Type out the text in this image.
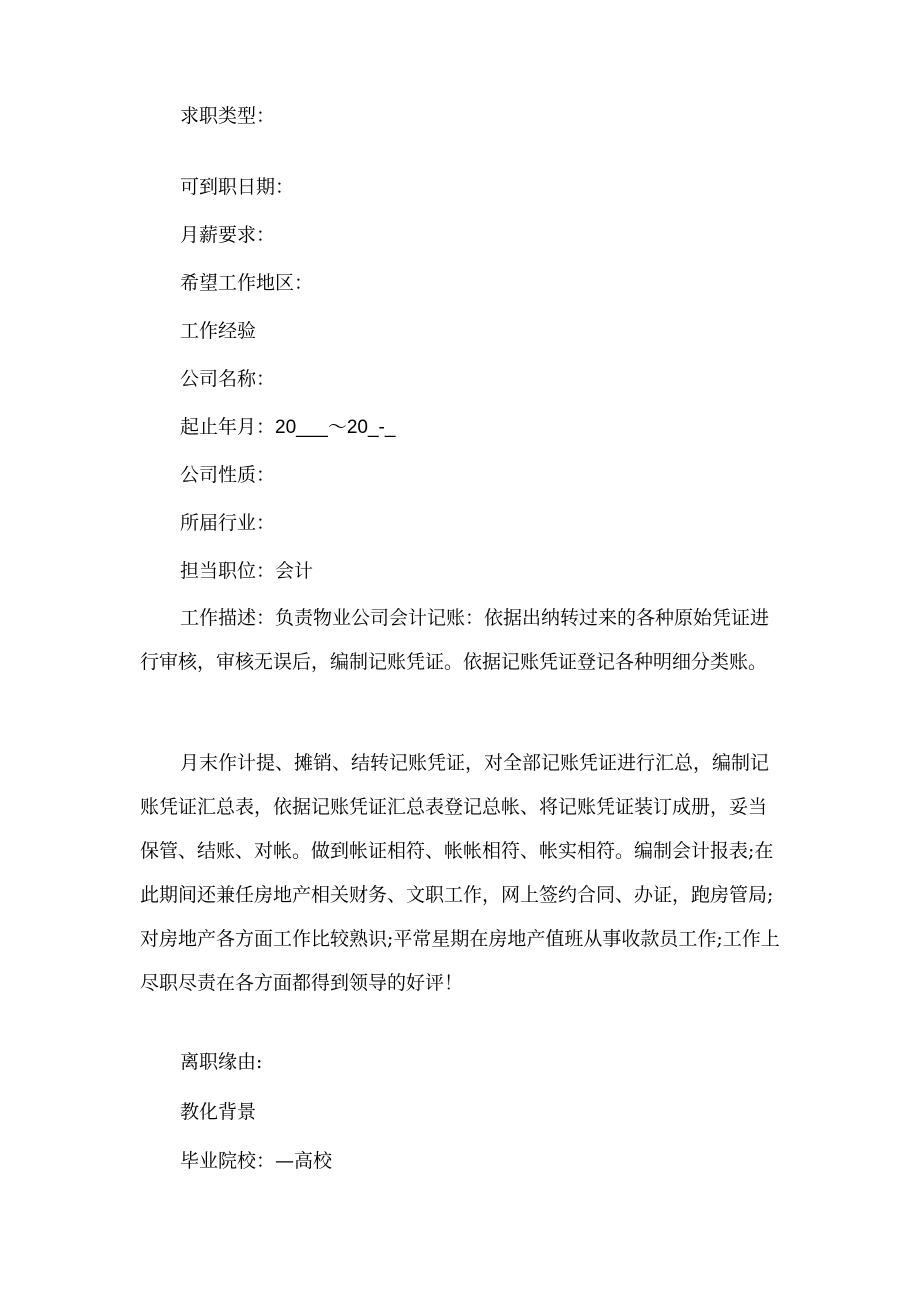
求职类型：
可到职日期：
月薪要求：
希望工作地区：
工作经验
公司名称：
起止年月：20___～20_-_
公司性质：
所届行业：
担当职位：会计
工作描述：负责物业公司会计记账：依据出纳转过来的各种原始凭证进行审核，审核无误后，编制记账凭证。依据记账凭证登记各种明细分类账。
月末作计提、摊销、结转记账凭证，对全部记账凭证进行汇总，编制记账凭证汇总表，依据记账凭证汇总表登记总帐、将记账凭证装订成册，妥当保管、结账、对帐。做到帐证相符、帐帐相符、帐实相符。编制会计报表;在此期间还兼任房地产相关财务、文职工作，网上签约合同、办证，跑房管局;对房地产各方面工作比较熟识;平常星期在房地产值班从事收款员工作;工作上尽职尽责在各方面都得到领导的好评！
离职缘由:
教化背景
毕业院校：—高校
